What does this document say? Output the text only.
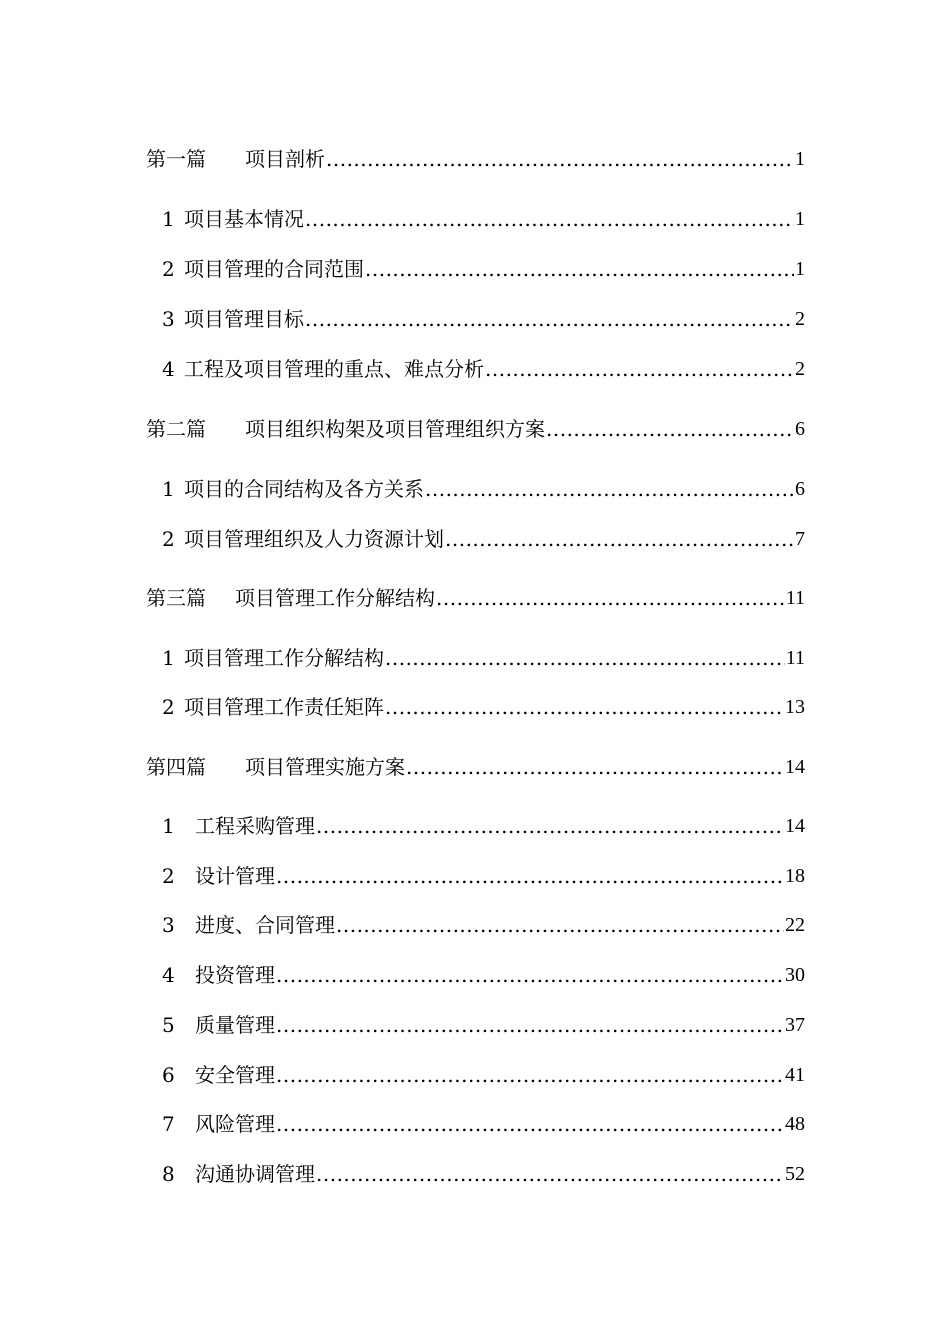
第一篇	项目剖析 .....	1
1 项目基本情况 .....	1
2 项目管理的合同范围 .....	1
3 项目管理目标 .....	2
4 工程及项目管理的重点、难点分析 .....	2
第二篇	项目组织构架及项目管理组织方案 .....	6
1 项目的合同结构及各方关系 .....	6
2 项目管理组织及人力资源计划 .....	7
第三篇	项目管理工作分解结构 .....	11
1 项目管理工作分解结构 .....	11
2 项目管理工作责任矩阵 .....	13
第四篇	项目管理实施方案 .....	14
1	工程采购管理 .....	14
2	设计管理 .....	18
3	进度、合同管理 .....	22
4	投资管理 .....	30
5	质量管理 .....	37
6	安全管理 .....	41
7	风险管理 .....	48
8	沟通协调管理 .....	52
